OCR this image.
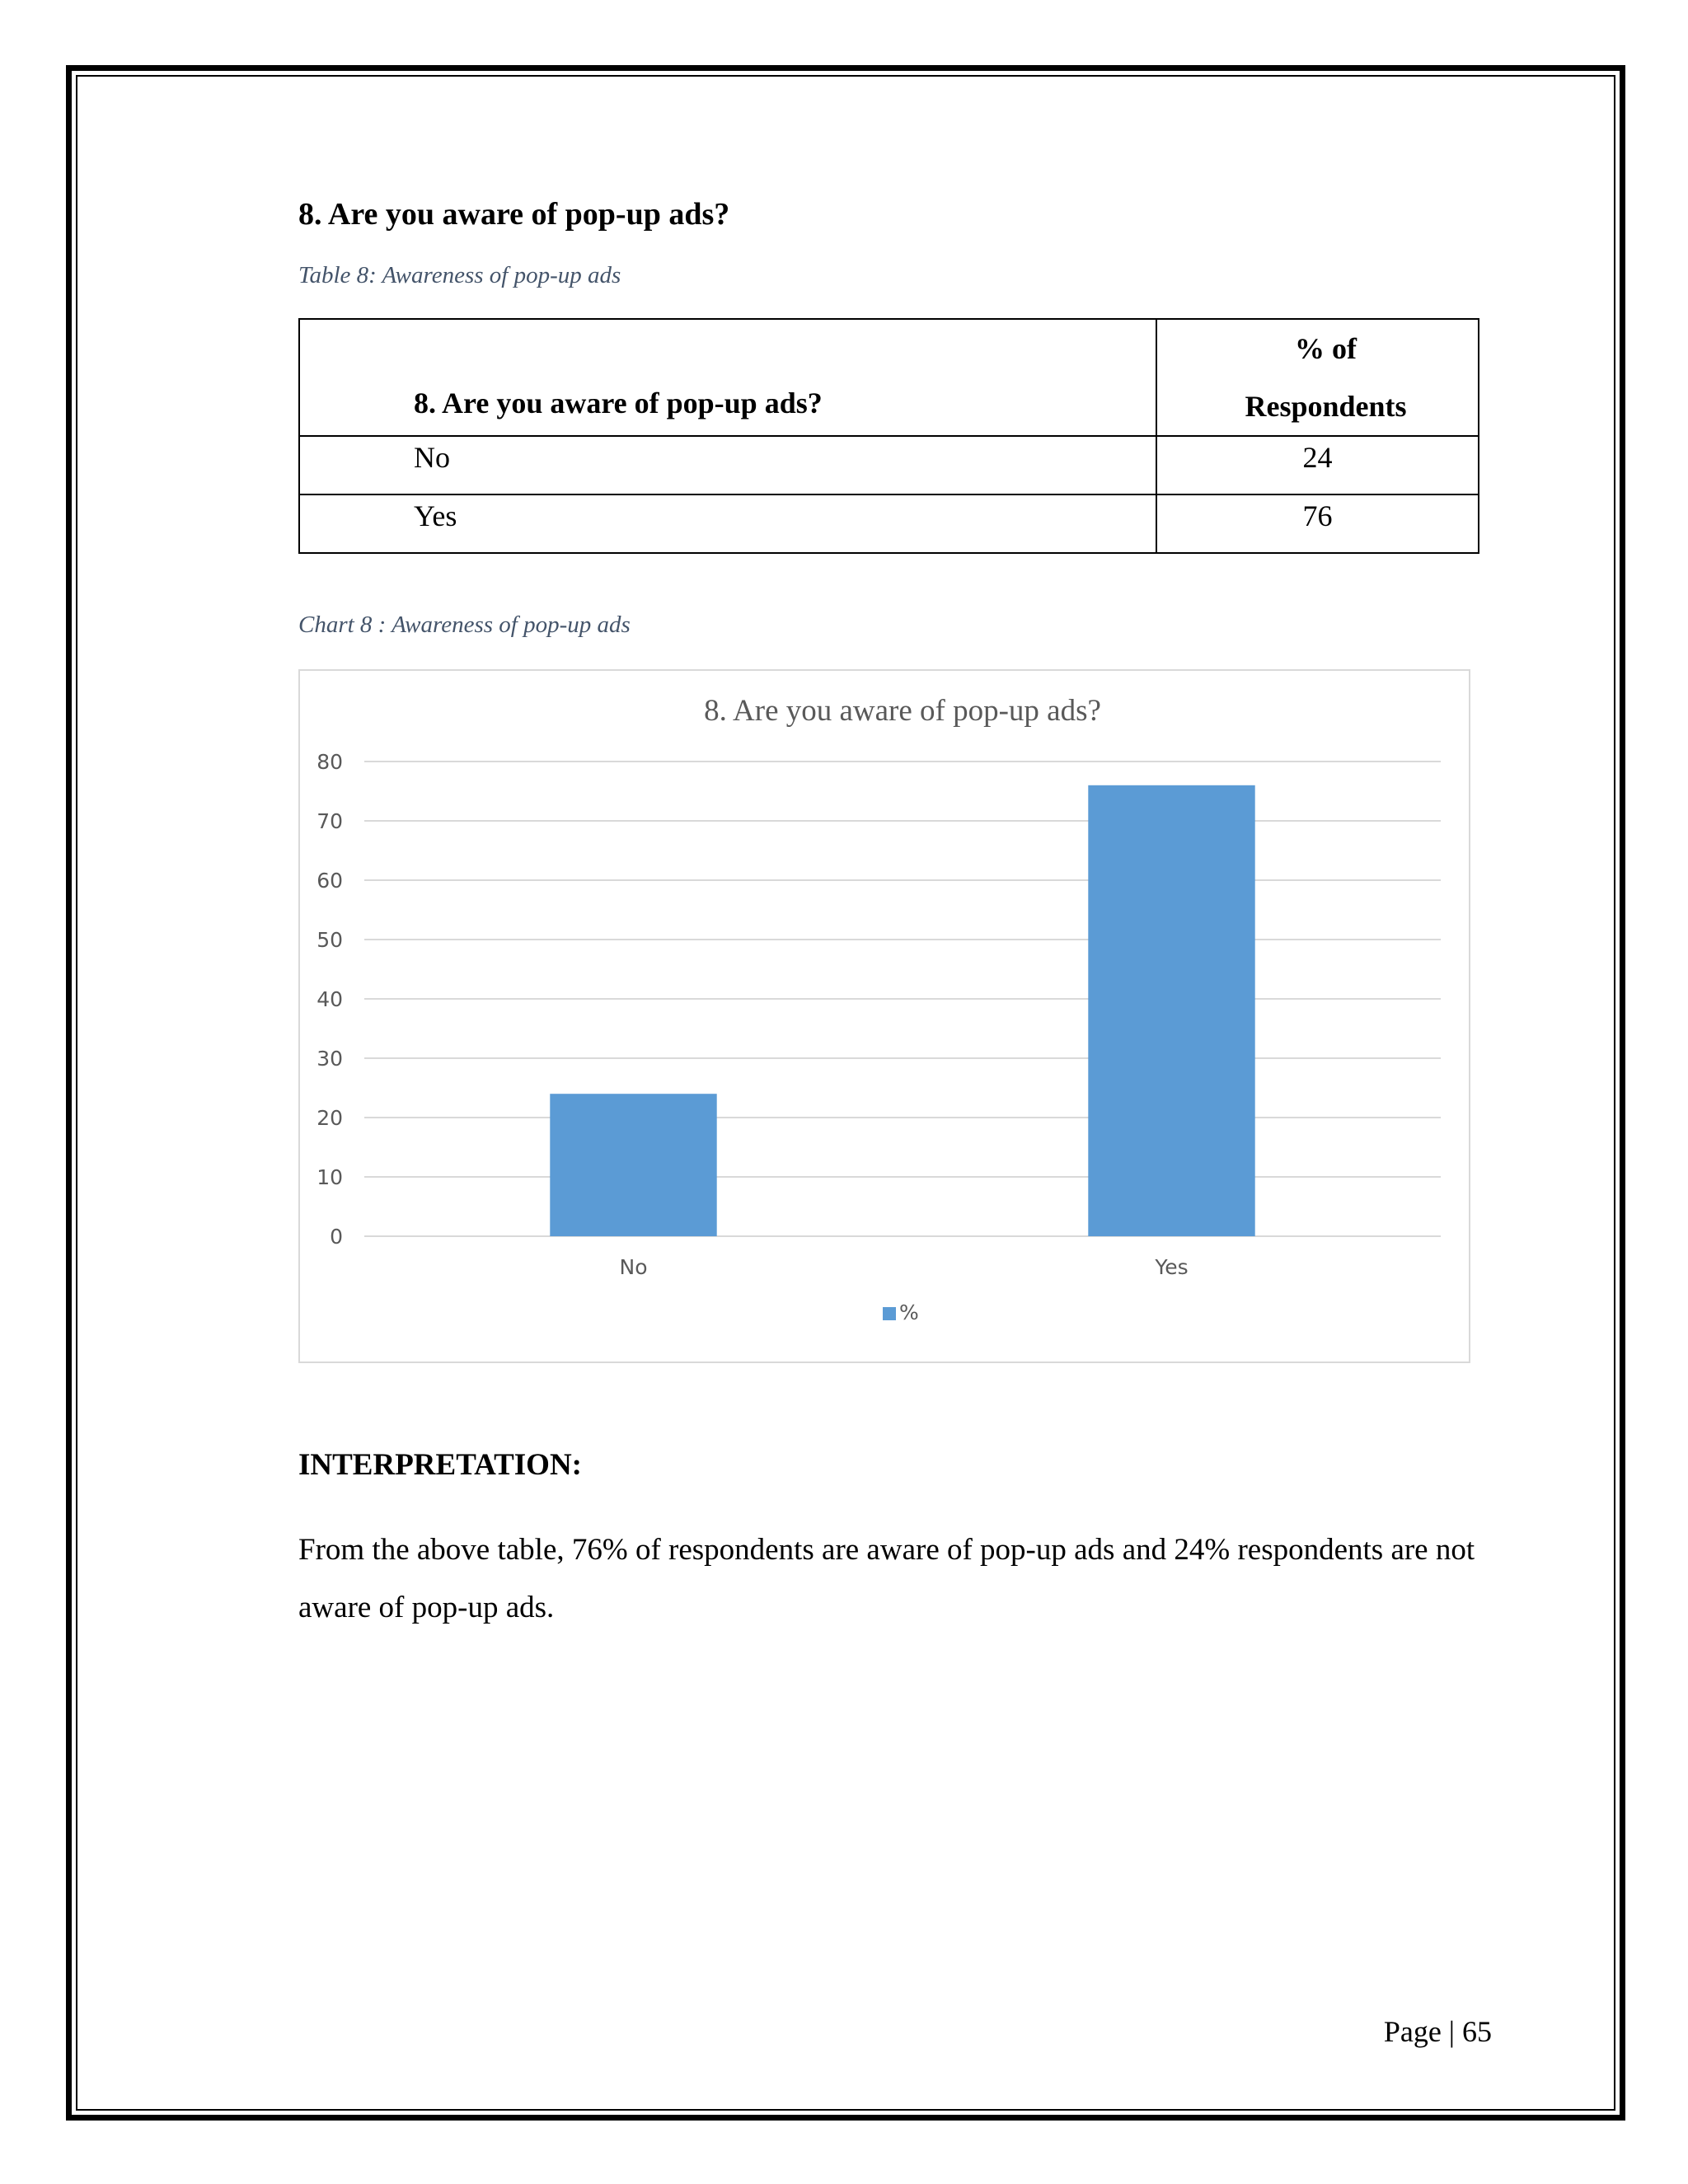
8. Are you aware of pop-up ads?
Table 8: Awareness of pop-up ads
8. Are you aware of pop-up ads?	% of
Respondents

No	24
Yes	76
Chart 8 : Awareness of pop-up ads
8. Are you aware of pop-up ads?
0
10
20
30
40
50
60
70
80
No	Yes
%
INTERPRETATION:
From the above table, 76% of respondents are aware of pop-up ads and 24% respondents are not aware of pop-up ads.
Page | 65
